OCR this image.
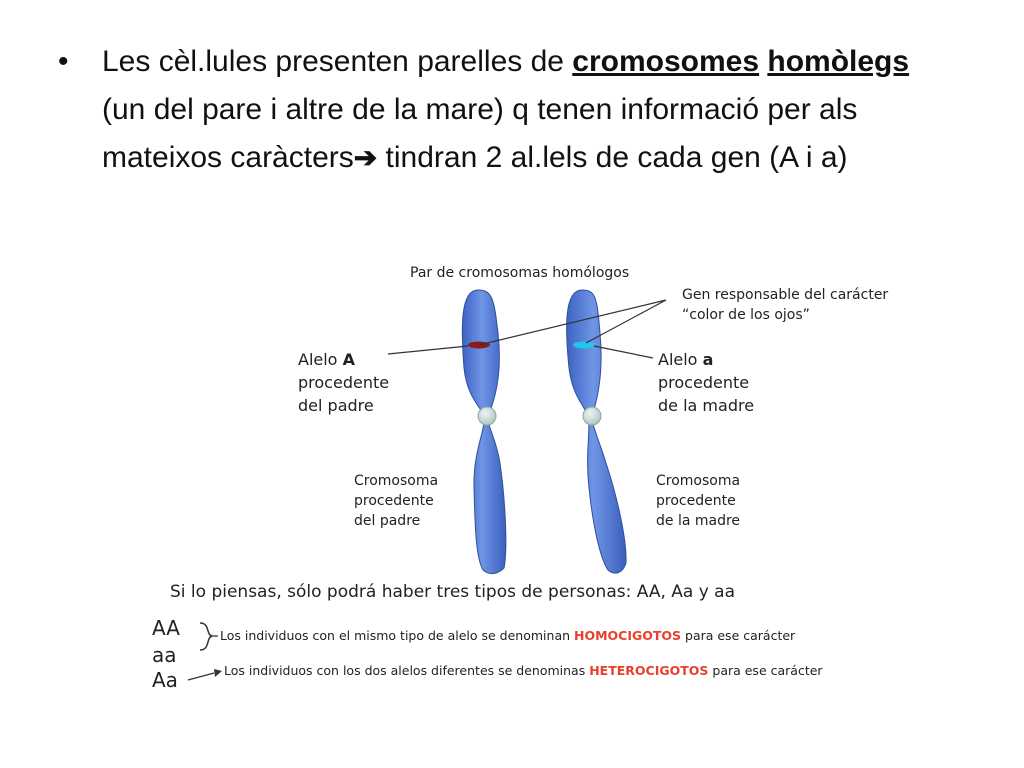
•	Les cèl.lules presenten parelles de cromosomes homòlegs (un del pare i altre de la mare) q tenen informació per als mateixos caràcters➔ tindran 2 al.lels de cada gen (A i a)
Par de cromosomas homólogos
Gen responsable del carácter
“color de los ojos”
Alelo A
procedente
del padre
Alelo a
procedente
de la madre
Cromosoma
procedente
del padre
Cromosoma
procedente
de la madre
Si lo piensas, sólo podrá haber tres tipos de personas: AA, Aa y aa
AA
aa
Aa
Los individuos con el mismo tipo de alelo se denominan HOMOCIGOTOS para ese carácter
Los individuos con los dos alelos diferentes se denominas HETEROCIGOTOS para ese carácter
